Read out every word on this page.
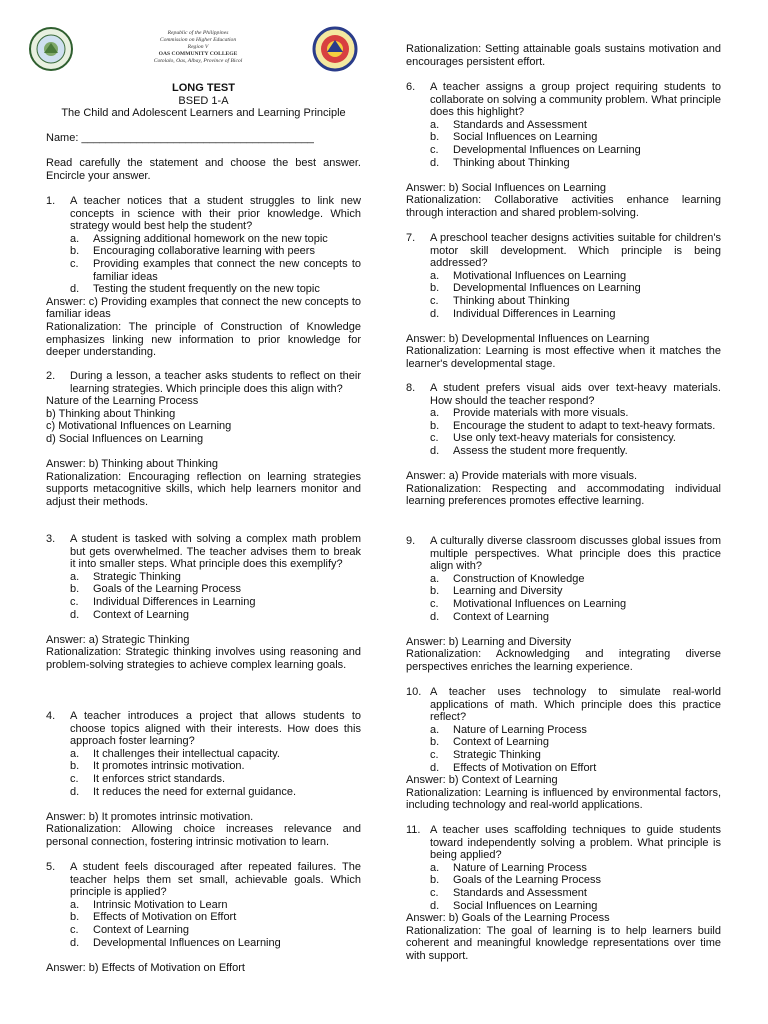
Republic of the Philippines
Commission on Higher Education
Region V
OAS COMMUNITY COLLEGE
Cotolalo, Oas, Albay, Province of Bicol
LONG TEST
BSED 1-A
The Child and Adolescent Learners and Learning Principle
Name: ______________________________________
Read carefully the statement and choose the best answer. Encircle your answer.
1.	A teacher notices that a student struggles to link new concepts in science with their prior knowledge. Which strategy would best help the student?
a.	Assigning additional homework on the new topic
b.	Encouraging collaborative learning with peers
c.	Providing examples that connect the new concepts to familiar ideas
d.	Testing the student frequently on the new topic

Answer: c) Providing examples that connect the new concepts to familiar ideas

Rationalization: The principle of Construction of Knowledge emphasizes linking new information to prior knowledge for deeper understanding.

2.	During a lesson, a teacher asks students to reflect on their learning strategies. Which principle does this align with?

Nature of the Learning Process

b) Thinking about Thinking

c) Motivational Influences on Learning

d) Social Influences on Learning

Answer: b) Thinking about Thinking

Rationalization: Encouraging reflection on learning strategies supports metacognitive skills, which help learners monitor and adjust their methods.

3.	A student is tasked with solving a complex math problem but gets overwhelmed. The teacher advises them to break it into smaller steps. What principle does this exemplify?
a.	Strategic Thinking
b.	Goals of the Learning Process
c.	Individual Differences in Learning
d.	Context of Learning

Answer: a) Strategic Thinking

Rationalization: Strategic thinking involves using reasoning and problem-solving strategies to achieve complex learning goals.

4.	A teacher introduces a project that allows students to choose topics aligned with their interests. How does this approach foster learning?
a.	It challenges their intellectual capacity.
b.	It promotes intrinsic motivation.
c.	It enforces strict standards.
d.	It reduces the need for external guidance.

Answer: b) It promotes intrinsic motivation.

Rationalization: Allowing choice increases relevance and personal connection, fostering intrinsic motivation to learn.

5.	A student feels discouraged after repeated failures. The teacher helps them set small, achievable goals. Which principle is applied?
a.	Intrinsic Motivation to Learn
b.	Effects of Motivation on Effort
c.	Context of Learning
d.	Developmental Influences on Learning

Answer: b) Effects of Motivation on Effort

Rationalization: Setting attainable goals sustains motivation and encourages persistent effort.

6.	A teacher assigns a group project requiring students to collaborate on solving a community problem. What principle does this highlight?
a.	Standards and Assessment
b.	Social Influences on Learning
c.	Developmental Influences on Learning
d.	Thinking about Thinking

Answer: b) Social Influences on Learning

Rationalization: Collaborative activities enhance learning through interaction and shared problem-solving.

7.	A preschool teacher designs activities suitable for children's motor skill development. Which principle is being addressed?
a.	Motivational Influences on Learning
b.	Developmental Influences on Learning
c.	Thinking about Thinking
d.	Individual Differences in Learning

Answer: b) Developmental Influences on Learning

Rationalization: Learning is most effective when it matches the learner's developmental stage.

8.	A student prefers visual aids over text-heavy materials. How should the teacher respond?
a.	Provide materials with more visuals.
b.	Encourage the student to adapt to text-heavy formats.
c.	Use only text-heavy materials for consistency.
d.	Assess the student more frequently.

Answer: a) Provide materials with more visuals.

Rationalization: Respecting and accommodating individual learning preferences promotes effective learning.

9.	A culturally diverse classroom discusses global issues from multiple perspectives. What principle does this practice align with?
a.	Construction of Knowledge
b.	Learning and Diversity
c.	Motivational Influences on Learning
d.	Context of Learning

Answer: b) Learning and Diversity

Rationalization: Acknowledging and integrating diverse perspectives enriches the learning experience.

10. A teacher uses technology to simulate real-world applications of math. Which principle does this practice reflect?
a.	Nature of Learning Process
b.	Context of Learning
c.	Strategic Thinking
d.	Effects of Motivation on Effort

Answer: b) Context of Learning

Rationalization: Learning is influenced by environmental factors, including technology and real-world applications.

11. A teacher uses scaffolding techniques to guide students toward independently solving a problem. What principle is being applied?
a.	Nature of Learning Process
b.	Goals of the Learning Process
c.	Standards and Assessment
d.	Social Influences on Learning

Answer: b) Goals of the Learning Process

Rationalization: The goal of learning is to help learners build coherent and meaningful knowledge representations over time with support.
